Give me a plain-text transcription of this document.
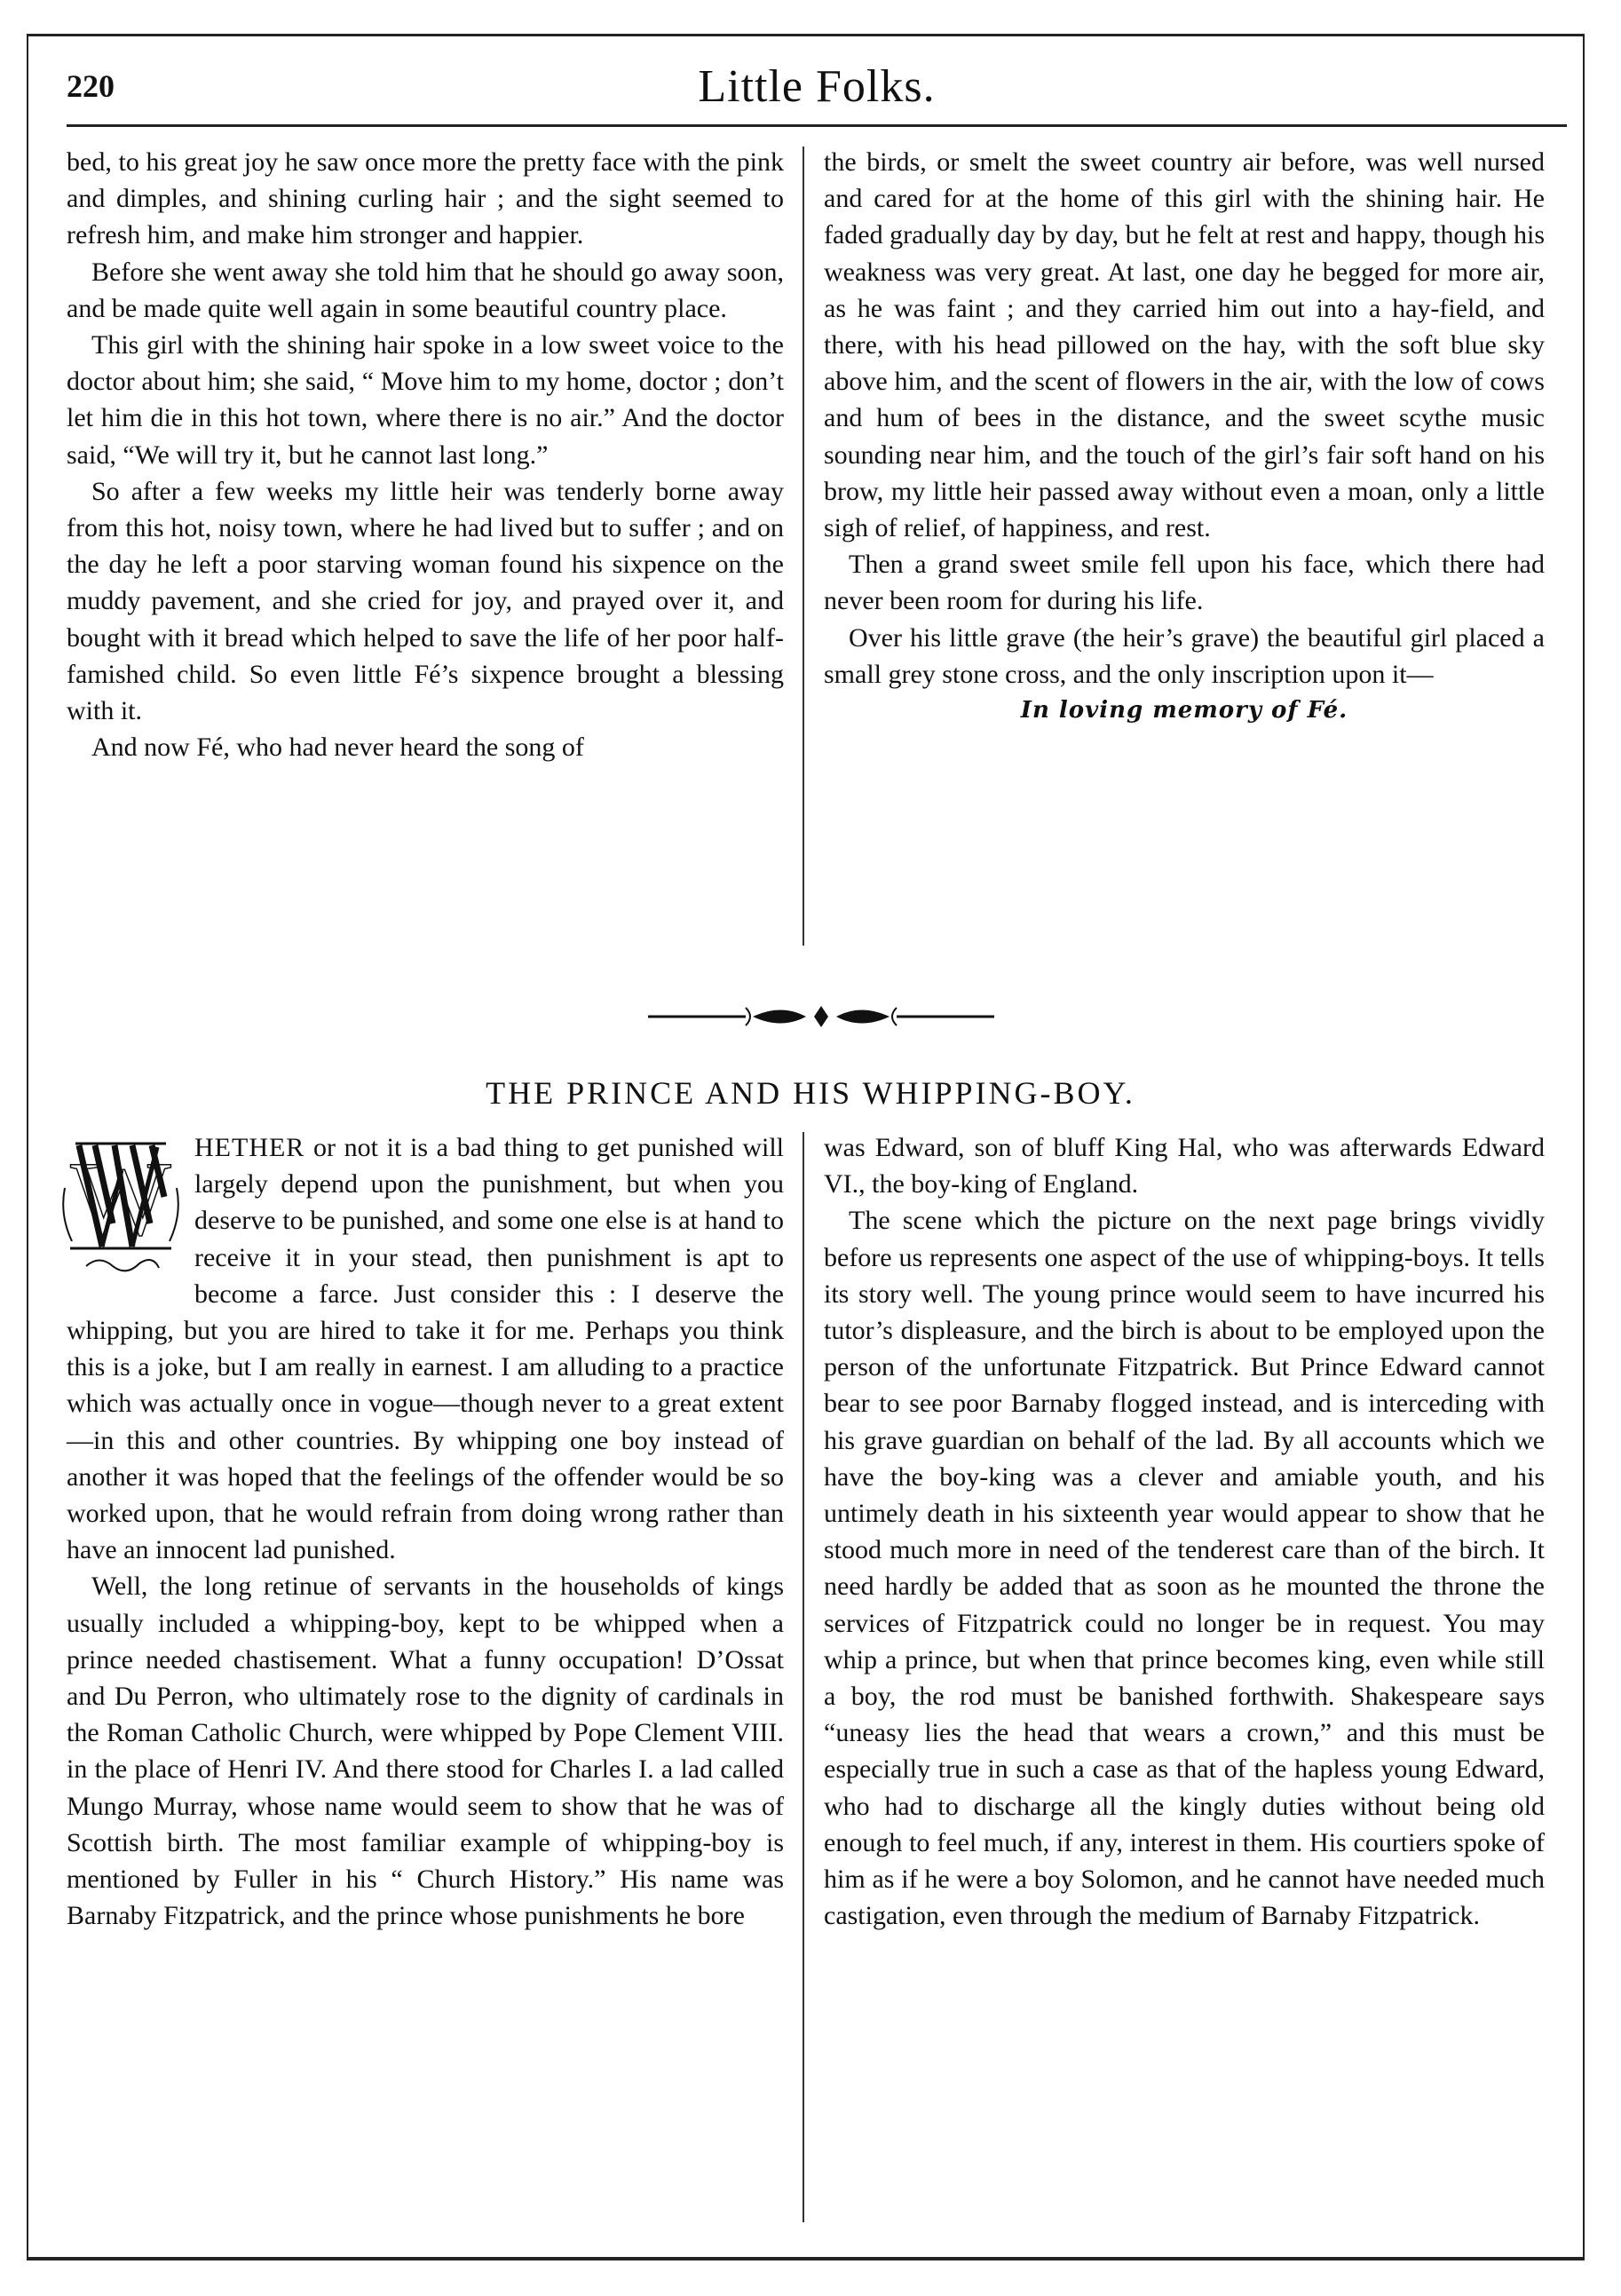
220	Little Folks.

bed, to his great joy he saw once more the pretty face with the pink and dimples, and shining curling hair ; and the sight seemed to refresh him, and make him stronger and happier.

Before she went away she told him that he should go away soon, and be made quite well again in some beautiful country place.

This girl with the shining hair spoke in a low sweet voice to the doctor about him; she said, “ Move him to my home, doctor ; don’t let him die in this hot town, where there is no air.” And the doctor said, “We will try it, but he cannot last long.”

So after a few weeks my little heir was tenderly borne away from this hot, noisy town, where he had lived but to suffer ; and on the day he left a poor starving woman found his sixpence on the muddy pavement, and she cried for joy, and prayed over it, and bought with it bread which helped to save the life of her poor half-famished child. So even little Fé’s sixpence brought a blessing with it.

And now Fé, who had never heard the song of

the birds, or smelt the sweet country air before, was well nursed and cared for at the home of this girl with the shining hair. He faded gradually day by day, but he felt at rest and happy, though his weakness was very great. At last, one day he begged for more air, as he was faint ; and they carried him out into a hay-field, and there, with his head pillowed on the hay, with the soft blue sky above him, and the scent of flowers in the air, with the low of cows and hum of bees in the distance, and the sweet scythe music sounding near him, and the touch of the girl’s fair soft hand on his brow, my little heir passed away without even a moan, only a little sigh of relief, of happiness, and rest.

Then a grand sweet smile fell upon his face, which there had never been room for during his life.

Over his little grave (the heir’s grave) the beautiful girl placed a small grey stone cross, and the only inscription upon it—

In loving memory of Fé.

THE PRINCE AND HIS WHIPPING-BOY.

W HETHER or not it is a bad thing to get punished will largely depend upon the punishment, but when you deserve to be punished, and some one else is at hand to receive it in your stead, then punishment is apt to become a farce. Just consider this : I deserve the whipping, but you are hired to take it for me. Perhaps you think this is a joke, but I am really in earnest. I am alluding to a practice which was actually once in vogue—though never to a great extent—in this and other countries. By whipping one boy instead of another it was hoped that the feelings of the offender would be so worked upon, that he would refrain from doing wrong rather than have an innocent lad punished.

Well, the long retinue of servants in the households of kings usually included a whipping-boy, kept to be whipped when a prince needed chastisement. What a funny occupation! D’Ossat and Du Perron, who ultimately rose to the dignity of cardinals in the Roman Catholic Church, were whipped by Pope Clement VIII. in the place of Henri IV. And there stood for Charles I. a lad called Mungo Murray, whose name would seem to show that he was of Scottish birth. The most familiar example of whipping-boy is mentioned by Fuller in his “ Church History.” His name was Barnaby Fitzpatrick, and the prince whose punishments he bore

was Edward, son of bluff King Hal, who was afterwards Edward VI., the boy-king of England.

The scene which the picture on the next page brings vividly before us represents one aspect of the use of whipping-boys. It tells its story well. The young prince would seem to have incurred his tutor’s displeasure, and the birch is about to be employed upon the person of the unfortunate Fitzpatrick. But Prince Edward cannot bear to see poor Barnaby flogged instead, and is interceding with his grave guardian on behalf of the lad. By all accounts which we have the boy-king was a clever and amiable youth, and his untimely death in his sixteenth year would appear to show that he stood much more in need of the tenderest care than of the birch. It need hardly be added that as soon as he mounted the throne the services of Fitzpatrick could no longer be in request. You may whip a prince, but when that prince becomes king, even while still a boy, the rod must be banished forthwith. Shakespeare says “uneasy lies the head that wears a crown,” and this must be especially true in such a case as that of the hapless young Edward, who had to discharge all the kingly duties without being old enough to feel much, if any, interest in them. His courtiers spoke of him as if he were a boy Solomon, and he cannot have needed much castigation, even through the medium of Barnaby Fitzpatrick.
